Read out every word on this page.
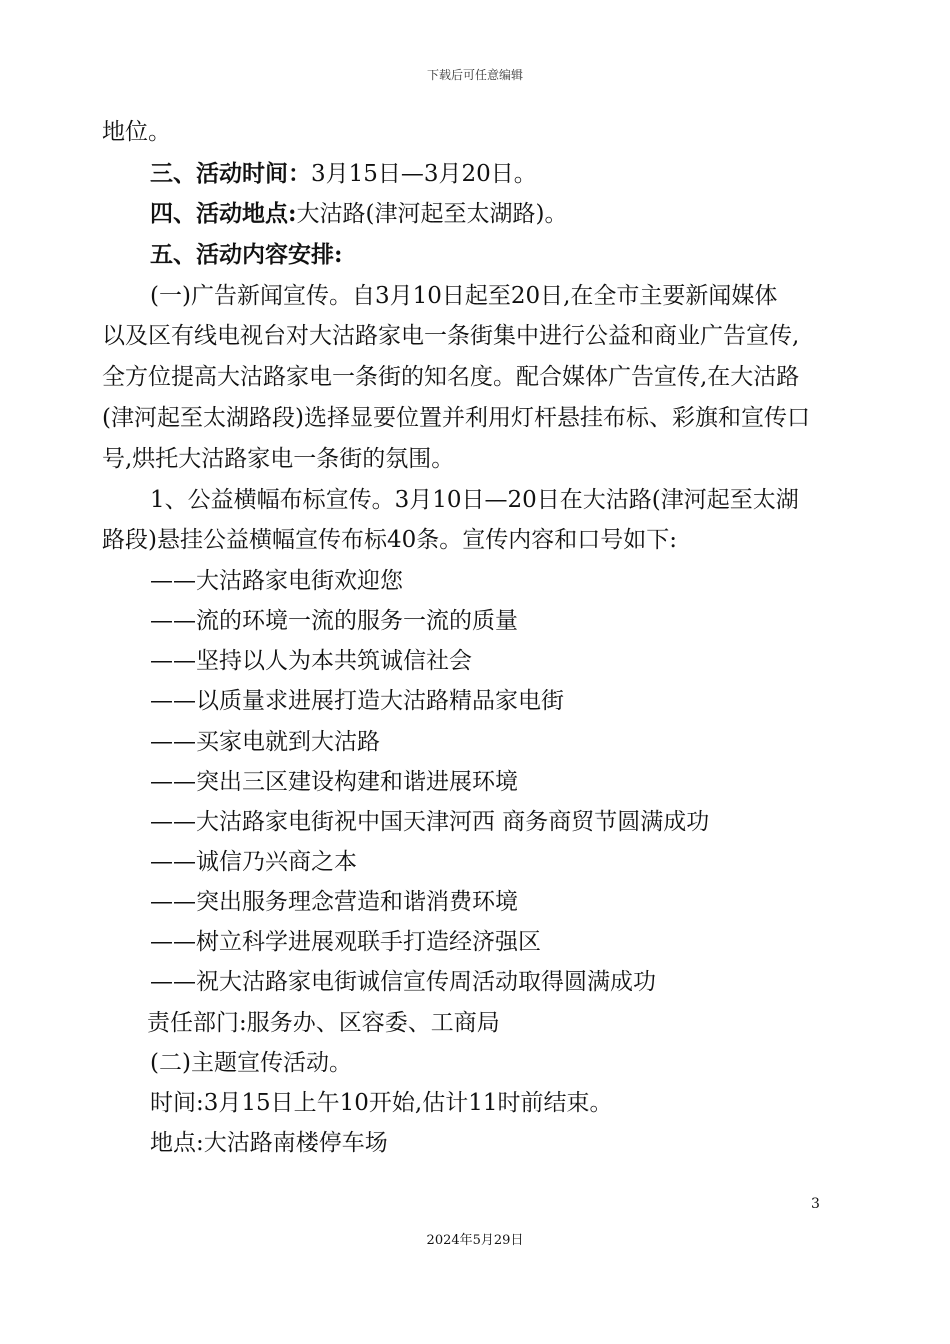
下载后可任意编辑
地位。
三、活动时间：3月15日—3月20日。
四、活动地点:大沽路(津河起至太湖路)。
五、活动内容安排:
(一)广告新闻宣传。自3月10日起至20日,在全市主要新闻媒体
以及区有线电视台对大沽路家电一条街集中进行公益和商业广告宣传,
全方位提高大沽路家电一条街的知名度。配合媒体广告宣传,在大沽路
(津河起至太湖路段)选择显要位置并利用灯杆悬挂布标、彩旗和宣传口
号,烘托大沽路家电一条街的氛围。
1、公益横幅布标宣传。3月10日—20日在大沽路(津河起至太湖
路段)悬挂公益横幅宣传布标40条。宣传内容和口号如下:
——大沽路家电街欢迎您
——流的环境一流的服务一流的质量
——坚持以人为本共筑诚信社会
——以质量求进展打造大沽路精品家电街
——买家电就到大沽路
——突出三区建设构建和谐进展环境
——大沽路家电街祝中国天津河西 商务商贸节圆满成功
——诚信乃兴商之本
——突出服务理念营造和谐消费环境
——树立科学进展观联手打造经济强区
——祝大沽路家电街诚信宣传周活动取得圆满成功
责任部门:服务办、区容委、工商局
(二)主题宣传活动。
时间:3月15日上午10开始,估计11时前结束。
地点:大沽路南楼停车场
3
2024年5月29日
